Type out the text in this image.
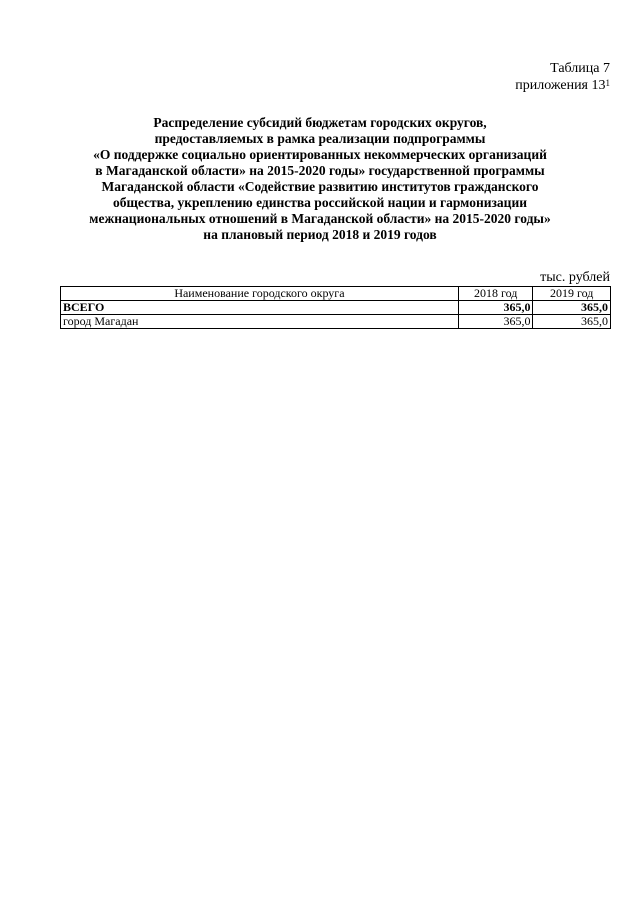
Таблица 7
приложения $13^1$
Распределение субсидий бюджетам городских округов,
предоставляемых в рамка реализации подпрограммы
«О поддержке социально ориентированных некоммерческих организаций
в Магаданской области» на 2015-2020 годы» государственной программы
Магаданской области «Содействие развитию институтов гражданского
общества, укреплению единства российской нации и гармонизации
межнациональных отношений в Магаданской области» на 2015-2020 годы»
на плановый период 2018 и 2019 годов
тыс. рублей
Наименование городского округа	2018 год	2019 год
ВСЕГО	365,0	365,0
город Магадан	365,0	365,0
